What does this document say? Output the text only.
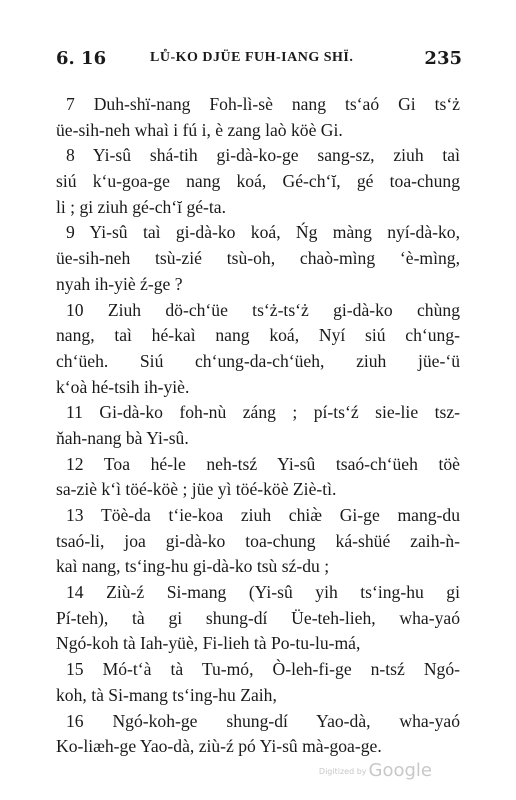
6. 16	LŮ-KO DJÜE FUH-IANG SHÏ.	235
7 Duh-shï-nang Foh-lì-sè nang ts‘aó Gi ts‘ż
üe-sih-neh whaì i fú i, è zang laò köè Gi.
8 Yi-sû shá-tih gi-dà-ko-ge sang-sz, ziuh taì
siú k‘u-goa-ge nang koá, Gé-ch‘ĭ, gé toa-chung
li ; gi ziuh gé-ch‘ĭ gé-ta.
9 Yi-sû taì gi-dà-ko koá, Ńg màng nyí-dà-ko,
üe-sih-neh tsù-zié tsù-oh, chaò-mìng ‘è-mìng,
nyah ih-yiè ź-ge ?
10 Ziuh dö-ch‘üe ts‘ż-ts‘ż gi-dà-ko chùng
nang, taì hé-kaì nang koá, Nyí siú ch‘ung-
ch‘üeh. Siú ch‘ung-da-ch‘üeh, ziuh jüe-‘ü
k‘oà hé-tsih ih-yiè.
11 Gi-dà-ko foh-nù záng ; pí-ts‘ź sie-lie tsz-
ňah-nang bà Yi-sû.
12 Toa hé-le neh-tsź Yi-sû tsaó-ch‘üeh töè
sa-ziè k‘ì töé-köè ; jüe yì töé-köè Ziè-tì.
13 Töè-da t‘ie-koa ziuh chiæ̀ Gi-ge mang-du
tsaó-li, joa gi-dà-ko toa-chung ká-shüé zaih-ǹ-
kaì nang, ts‘ing-hu gi-dà-ko tsù sź-du ;
14 Ziù-ź Si-mang (Yi-sû yih ts‘ing-hu gi
Pí-teh), tà gi shung-dí Üe-teh-lieh, wha-yaó
Ngó-koh tà Iah-yüè, Fi-lieh tà Po-tu-lu-má,
15 Mó-t‘à tà Tu-mó, Ò-leh-fi-ge n-tsź Ngó-
koh, tà Si-mang ts‘ing-hu Zaih,
16 Ngó-koh-ge shung-dí Yao-dà, wha-yaó
Ko-liæh-ge Yao-dà, ziù-ź pó Yi-sû mà-goa-ge.
Digitized by Google
